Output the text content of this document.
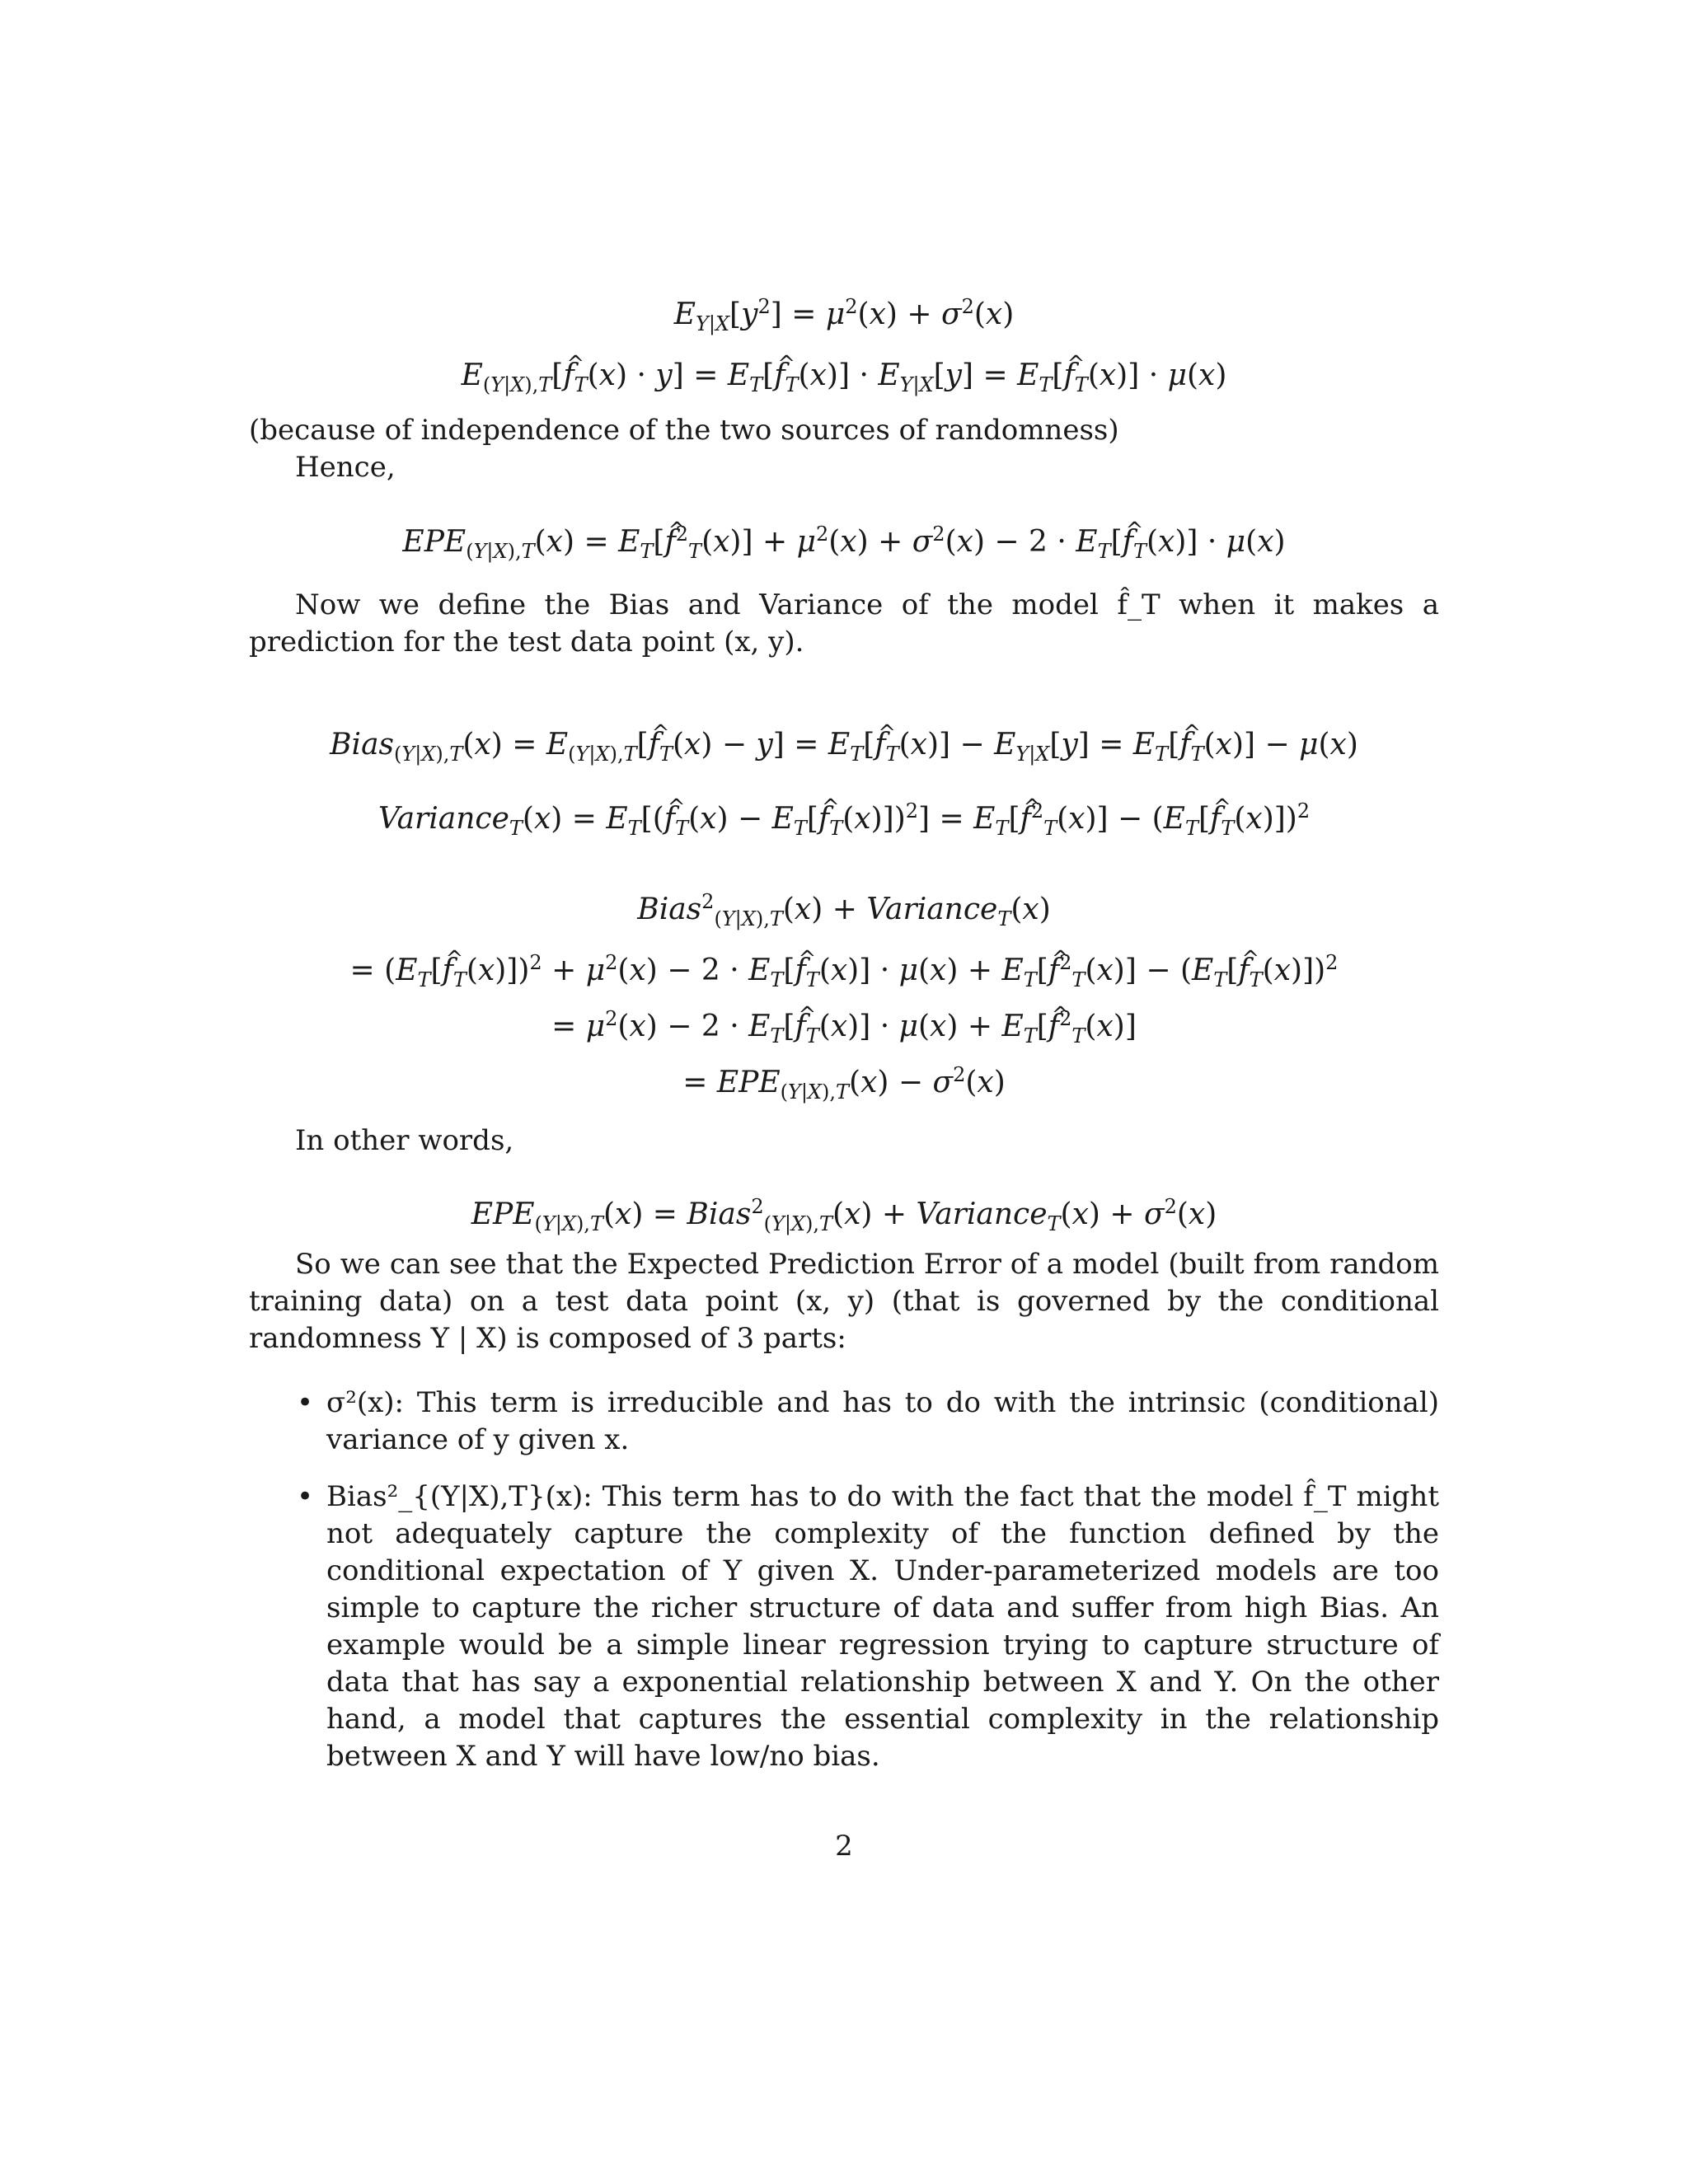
$E_{Y|X}[y^2] = \mu^2(x) + \sigma^2(x)$
$E_{(Y|X),T}[\^{}$ $f_T(x) \cdot y$] = $E_T[\^{}$ $f_T(x)] \cdot E_{Y|X}[y]$ = $E_T[\^{}$ $f_T(x)] \cdot \mu(x)$
(because of independence of the two sources of randomness)
Hence,
$EPE_{(Y|X),T}(x)$ = $E_T[\^{}$ $f^2_T(x)] + \mu^2(x) + \sigma^2(x) - 2$ · $E_T[\^{}$ $f_T(x)] \cdot \mu(x)$
Now we define the Bias and Variance of the model f̂_T when it makes a prediction for the test data point (x, y).
Bias$_{(Y|X),T}$(x) = $E_{(Y|X),T}[\^{}$ $f_T(x) - y$] = $E_T[\^{}$ $f_T(x)] - E_{Y|X}[y]$ = $E_T[\^{}$ $f_T(x)] - \mu(x)$
Variance$_T$(x) = $E_T[(\^{}$ $f_T(x)$ − $E_T[\^{}$ $f_T(x)])^2$] = $E_T[\^{}$ $f^2_T(x)$] − ($E_T[\^{}$ $f_T(x)])^2$
Bias$^2_{(Y|X),T}$(x) + Variance$_T$(x)
= ($E_T[\^{}$ $f_T(x)])^2 + \mu^2(x) - 2$ · $E_T[\^{}$ $f_T(x)] \cdot \mu(x)$ + $E_T[\^{}$ $f^2_T(x)$] − ($E_T[\^{}$ $f_T(x)])^2$
= $\mu^2(x) - 2$ · $E_T[\^{}$ $f_T(x)] \cdot \mu(x)$ + $E_T[\^{}$ $f^2_T(x)$]
= $EPE_{(Y|X),T}(x) - \sigma^2(x)$
In other words,
$EPE_{(Y|X),T}(x)$ = Bias$^2_{(Y|X),T}$(x) + Variance$_T$(x) + $\sigma^2(x)$
So we can see that the Expected Prediction Error of a model (built from random training data) on a test data point (x, y) (that is governed by the conditional randomness Y | X) is composed of 3 parts:
• σ²(x): This term is irreducible and has to do with the intrinsic (conditional) variance of y given x.
• Bias²_{(Y|X),T}(x): This term has to do with the fact that the model f̂_T might not adequately capture the complexity of the function defined by the conditional expectation of Y given X. Under-parameterized models are too simple to capture the richer structure of data and suffer from high Bias. An example would be a simple linear regression trying to capture structure of data that has say a exponential relationship between X and Y. On the other hand, a model that captures the essential complexity in the relationship between X and Y will have low/no bias.
2
